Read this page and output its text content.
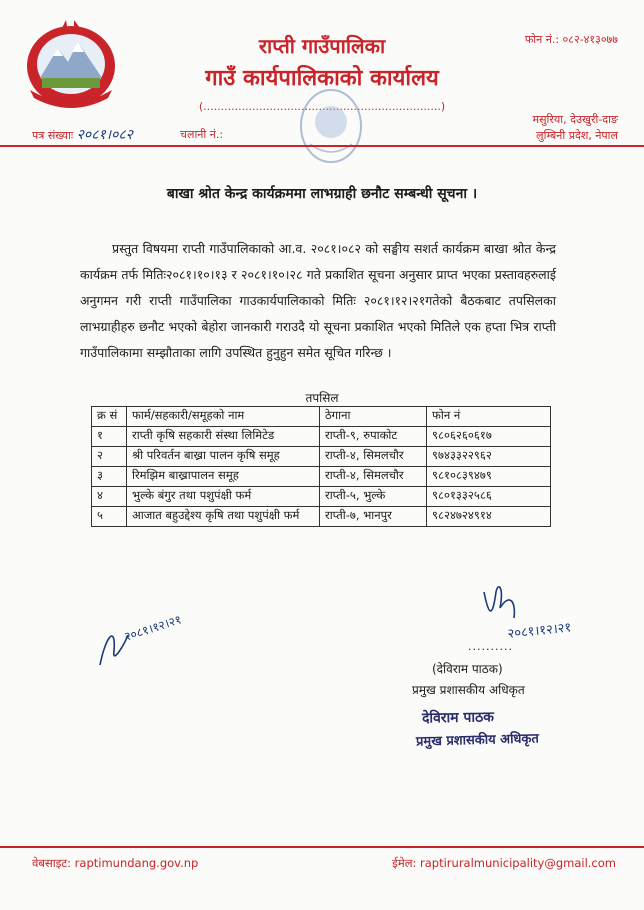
राप्ती गाउँपालिका
गाउँ कार्यपालिकाको कार्यालय
फोन नं.: ०८२-४१३०७७
(....................................................................)
मसुरिया, देउखुरी-दाङ
लुम्बिनी प्रदेश, नेपाल
पत्र संख्याः २०८१।०८२	चलानी नं.:
बाखा श्रोत केन्द्र कार्यक्रममा लाभग्राही छनौट सम्बन्धी सूचना ।
प्रस्तुत विषयमा राप्ती गाउँपालिकाको आ.व. २०८१।०८२ को सङ्घीय सशर्त कार्यक्रम बाखा श्रोत केन्द्र कार्यक्रम तर्फ मितिः२०८१।१०।१३ र २०८१।१०।२८ गते प्रकाशित सूचना अनुसार प्राप्त भएका प्रस्तावहरुलाई अनुगमन गरी राप्ती गाउँपालिका गाउकार्यपालिकाको मितिः २०८१।१२।२१गतेको बैठकबाट तपसिलका लाभग्राहीहरु छनौट भएको बेहोरा जानकारी गराउदै यो सूचना प्रकाशित भएको मितिले एक हप्ता भित्र राप्ती गाउँपालिकामा सम्झौताका लागि उपस्थित हुनुहुन समेत सूचित गरिन्छ ।
तपसिल
क्र सं	फार्म/सहकारी/समूहको नाम	ठेगाना	फोन नं
१	राप्ती कृषि सहकारी संस्था लिमिटेड	राप्ती-९, रुपाकोट	९८०६२६०६१७
२	श्री परिवर्तन बाख्रा पालन कृषि समूह	राप्ती-४, सिमलचौर	९७४३३२२९६२
३	रिमझिम बाख्रापालन समूह	राप्ती-४, सिमलचौर	९८१०८३९४७९
४	भुल्के बंगुर तथा पशुपंक्षी फर्म	राप्ती-५, भुल्के	९८०१३३२५८६
५	आजात बहुउद्देश्य कृषि तथा पशुपंक्षी फर्म	राप्ती-७, भानपुर	९८२४७२४९१४
२०८१।१२।२१	२०८१।१२।२१
..........
(देविराम पाठक)
प्रमुख प्रशासकीय अधिकृत
देविराम पाठक
प्रमुख प्रशासकीय अधिकृत
वेबसाइट: raptimundang.gov.np	ईमेल: raptiruralmunicipality@gmail.com
